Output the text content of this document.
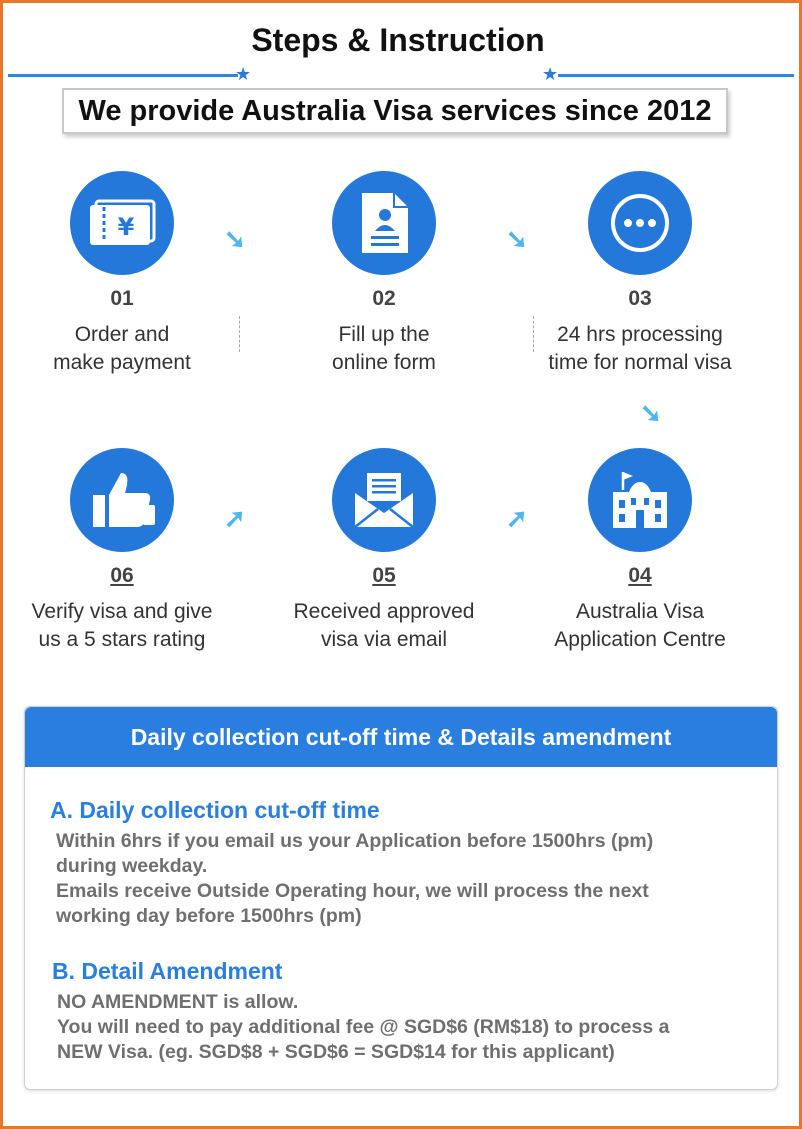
Steps & Instruction
★	★
We provide Australia Visa services since 2012
¥
01
Order and
make payment
02
Fill up the
online form
03
24 hrs processing
time for normal visa
06
Verify visa and give
us a 5 stars rating
05
Received approved
visa via email
04
Australia Visa
Application Centre
➘	➘
➘
➚
➚
Daily collection cut-off time & Details amendment
A. Daily collection cut-off time
Within 6hrs if you email us your Application before 1500hrs (pm)
during weekday.
Emails receive Outside Operating hour, we will process the next
working day before 1500hrs (pm)
B. Detail Amendment
NO AMENDMENT is allow.
You will need to pay additional fee @ SGD$6 (RM$18) to process a
NEW Visa. (eg. SGD$8 + SGD$6 = SGD$14 for this applicant)
